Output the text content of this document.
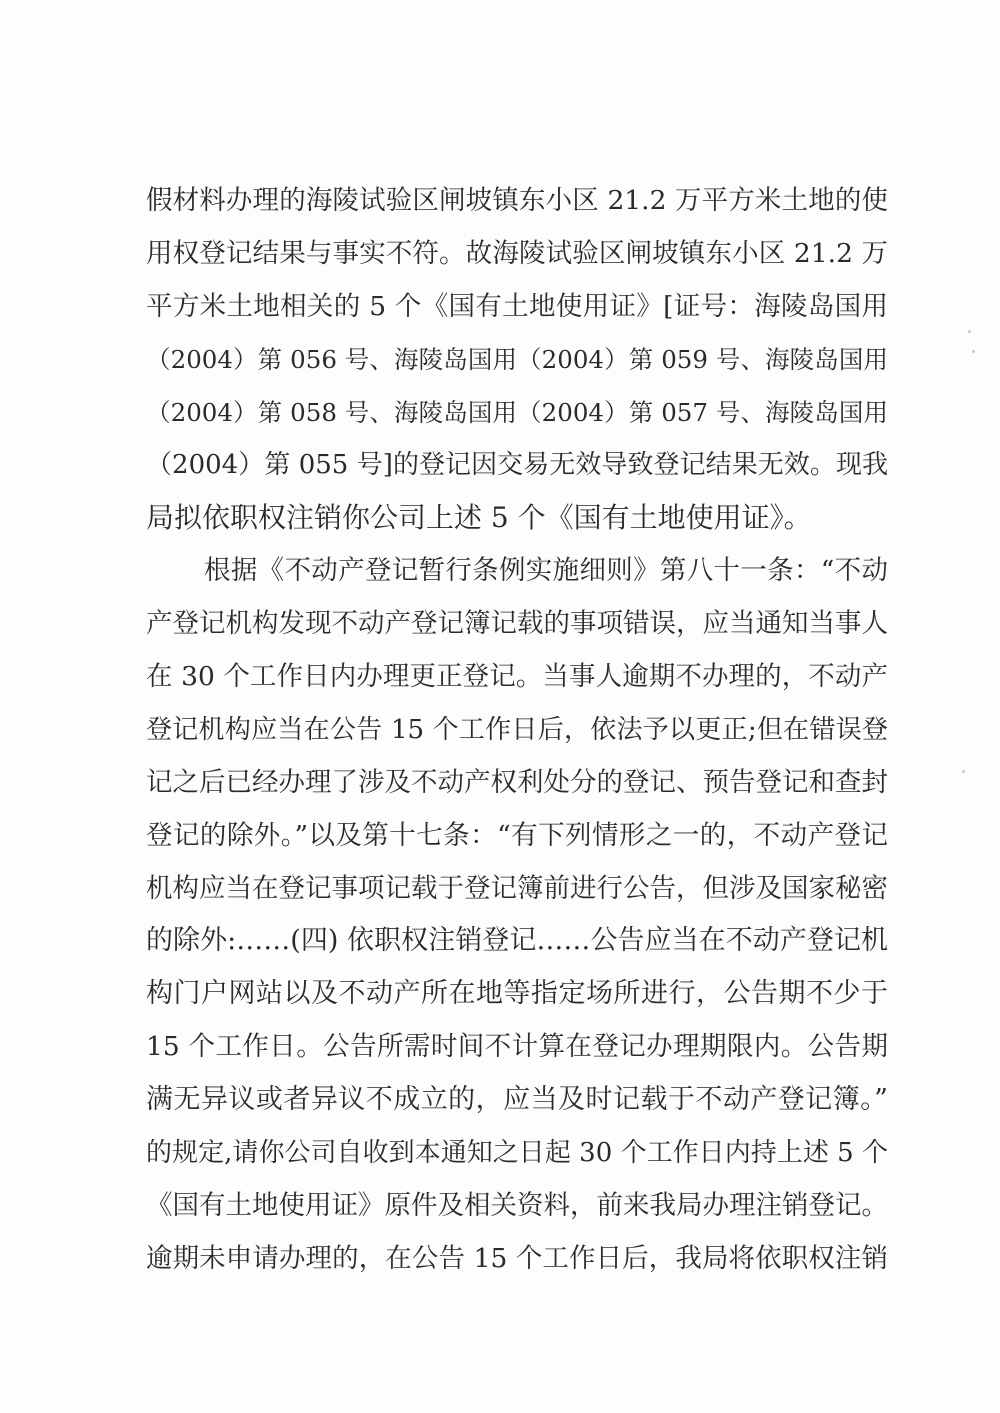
假材料办理的海陵试验区闸坡镇东小区 21.2 万平方米土地的使
用权登记结果与事实不符。故海陵试验区闸坡镇东小区 21.2 万
平方米土地相关的 5 个《国有土地使用证》[证号：海陵岛国用
（2004）第 056 号、海陵岛国用（2004）第 059 号、海陵岛国用
（2004）第 058 号、海陵岛国用（2004）第 057 号、海陵岛国用
（2004）第 055 号]的登记因交易无效导致登记结果无效。现我
局拟依职权注销你公司上述 5 个《国有土地使用证》。
根据《不动产登记暂行条例实施细则》第八十一条：“不动
产登记机构发现不动产登记簿记载的事项错误，应当通知当事人
在 30 个工作日内办理更正登记。当事人逾期不办理的，不动产
登记机构应当在公告 15 个工作日后，依法予以更正;但在错误登
记之后已经办理了涉及不动产权利处分的登记、预告登记和查封
登记的除外。”以及第十七条：“有下列情形之一的，不动产登记
机构应当在登记事项记载于登记簿前进行公告，但涉及国家秘密
的除外:……(四) 依职权注销登记……公告应当在不动产登记机
构门户网站以及不动产所在地等指定场所进行，公告期不少于
15 个工作日。公告所需时间不计算在登记办理期限内。公告期
满无异议或者异议不成立的，应当及时记载于不动产登记簿。”
的规定,请你公司自收到本通知之日起 30 个工作日内持上述 5 个
《国有土地使用证》原件及相关资料，前来我局办理注销登记。
逾期未申请办理的，在公告 15 个工作日后，我局将依职权注销
